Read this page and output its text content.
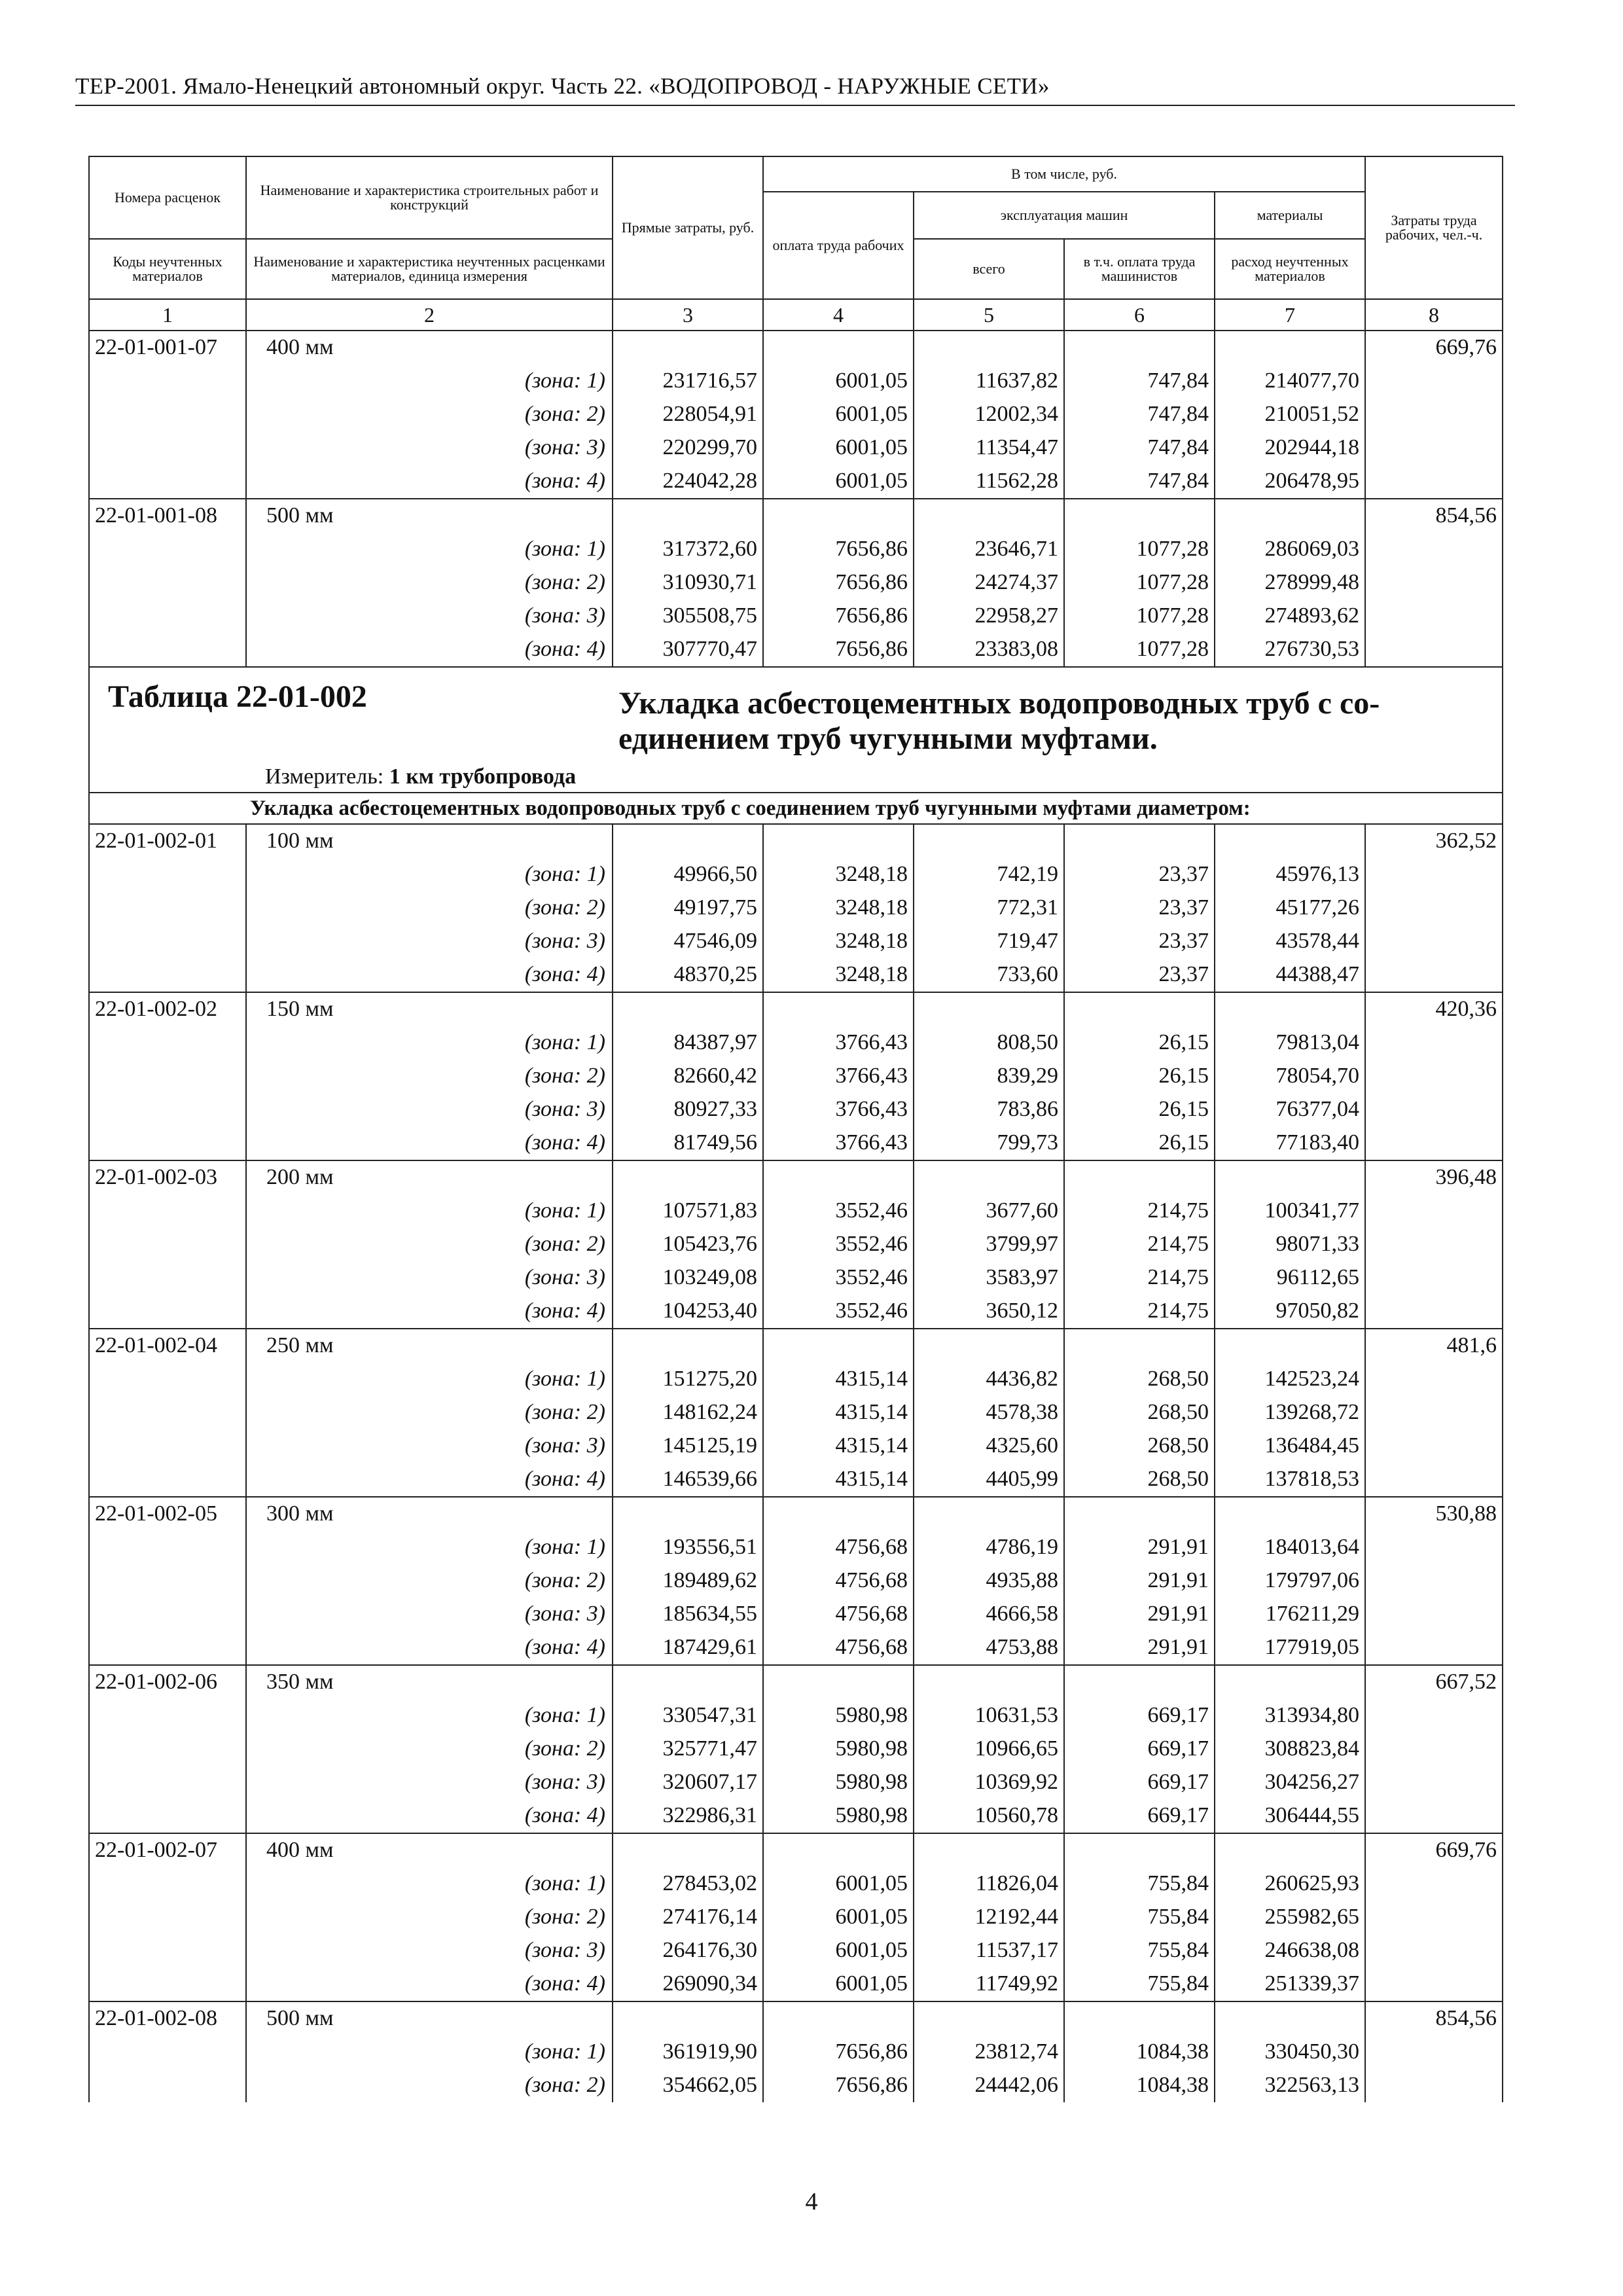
ТЕР-2001. Ямало-Ненецкий автономный округ. Часть 22. «ВОДОПРОВОД - НАРУЖНЫЕ СЕТИ»
Номера расценок	Наименование и характеристика строительных работ и конструкций	Прямые затраты, руб.	В том числе, руб.				Затраты труда рабочих, чел.-ч.
			оплата труда рабочих	эксплуатация машин		материалы	
Коды неучтенных материалов	Наименование и характеристика неучтенных расценками материалов, единица измерения			всего	в т.ч. оплата труда машинистов	расход неучтенных материалов	
1	2	3	4	5	6	7	8
22-01-001-07	400 мм						669,76
	(зона: 1)	231716,57	6001,05	11637,82	747,84	214077,70	
	(зона: 2)	228054,91	6001,05	12002,34	747,84	210051,52	
	(зона: 3)	220299,70	6001,05	11354,47	747,84	202944,18	
	(зона: 4)	224042,28	6001,05	11562,28	747,84	206478,95	
22-01-001-08	500 мм						854,56
	(зона: 1)	317372,60	7656,86	23646,71	1077,28	286069,03	
	(зона: 2)	310930,71	7656,86	24274,37	1077,28	278999,48	
	(зона: 3)	305508,75	7656,86	22958,27	1077,28	274893,62	
	(зона: 4)	307770,47	7656,86	23383,08	1077,28	276730,53	
Таблица 22-01-002 Укладка асбестоцементных водопроводных труб с со-единением труб чугунными муфтами.
Измеритель: 1 км трубопровода							

Укладка асбестоцементных водопроводных труб с соединением труб чугунными муфтами диаметром:							
22-01-002-01	100 мм						362,52
	(зона: 1)	49966,50	3248,18	742,19	23,37	45976,13	
	(зона: 2)	49197,75	3248,18	772,31	23,37	45177,26	
	(зона: 3)	47546,09	3248,18	719,47	23,37	43578,44	
	(зона: 4)	48370,25	3248,18	733,60	23,37	44388,47	
22-01-002-02	150 мм						420,36
	(зона: 1)	84387,97	3766,43	808,50	26,15	79813,04	
	(зона: 2)	82660,42	3766,43	839,29	26,15	78054,70	
	(зона: 3)	80927,33	3766,43	783,86	26,15	76377,04	
	(зона: 4)	81749,56	3766,43	799,73	26,15	77183,40	
22-01-002-03	200 мм						396,48
	(зона: 1)	107571,83	3552,46	3677,60	214,75	100341,77	
	(зона: 2)	105423,76	3552,46	3799,97	214,75	98071,33	
	(зона: 3)	103249,08	3552,46	3583,97	214,75	96112,65	
	(зона: 4)	104253,40	3552,46	3650,12	214,75	97050,82	
22-01-002-04	250 мм						481,6
	(зона: 1)	151275,20	4315,14	4436,82	268,50	142523,24	
	(зона: 2)	148162,24	4315,14	4578,38	268,50	139268,72	
	(зона: 3)	145125,19	4315,14	4325,60	268,50	136484,45	
	(зона: 4)	146539,66	4315,14	4405,99	268,50	137818,53	
22-01-002-05	300 мм						530,88
	(зона: 1)	193556,51	4756,68	4786,19	291,91	184013,64	
	(зона: 2)	189489,62	4756,68	4935,88	291,91	179797,06	
	(зона: 3)	185634,55	4756,68	4666,58	291,91	176211,29	
	(зона: 4)	187429,61	4756,68	4753,88	291,91	177919,05	
22-01-002-06	350 мм						667,52
	(зона: 1)	330547,31	5980,98	10631,53	669,17	313934,80	
	(зона: 2)	325771,47	5980,98	10966,65	669,17	308823,84	
	(зона: 3)	320607,17	5980,98	10369,92	669,17	304256,27	
	(зона: 4)	322986,31	5980,98	10560,78	669,17	306444,55	
22-01-002-07	400 мм						669,76
	(зона: 1)	278453,02	6001,05	11826,04	755,84	260625,93	
	(зона: 2)	274176,14	6001,05	12192,44	755,84	255982,65	
	(зона: 3)	264176,30	6001,05	11537,17	755,84	246638,08	
	(зона: 4)	269090,34	6001,05	11749,92	755,84	251339,37	
22-01-002-08	500 мм						854,56
	(зона: 1)	361919,90	7656,86	23812,74	1084,38	330450,30	
	(зона: 2)	354662,05	7656,86	24442,06	1084,38	322563,13	
4
